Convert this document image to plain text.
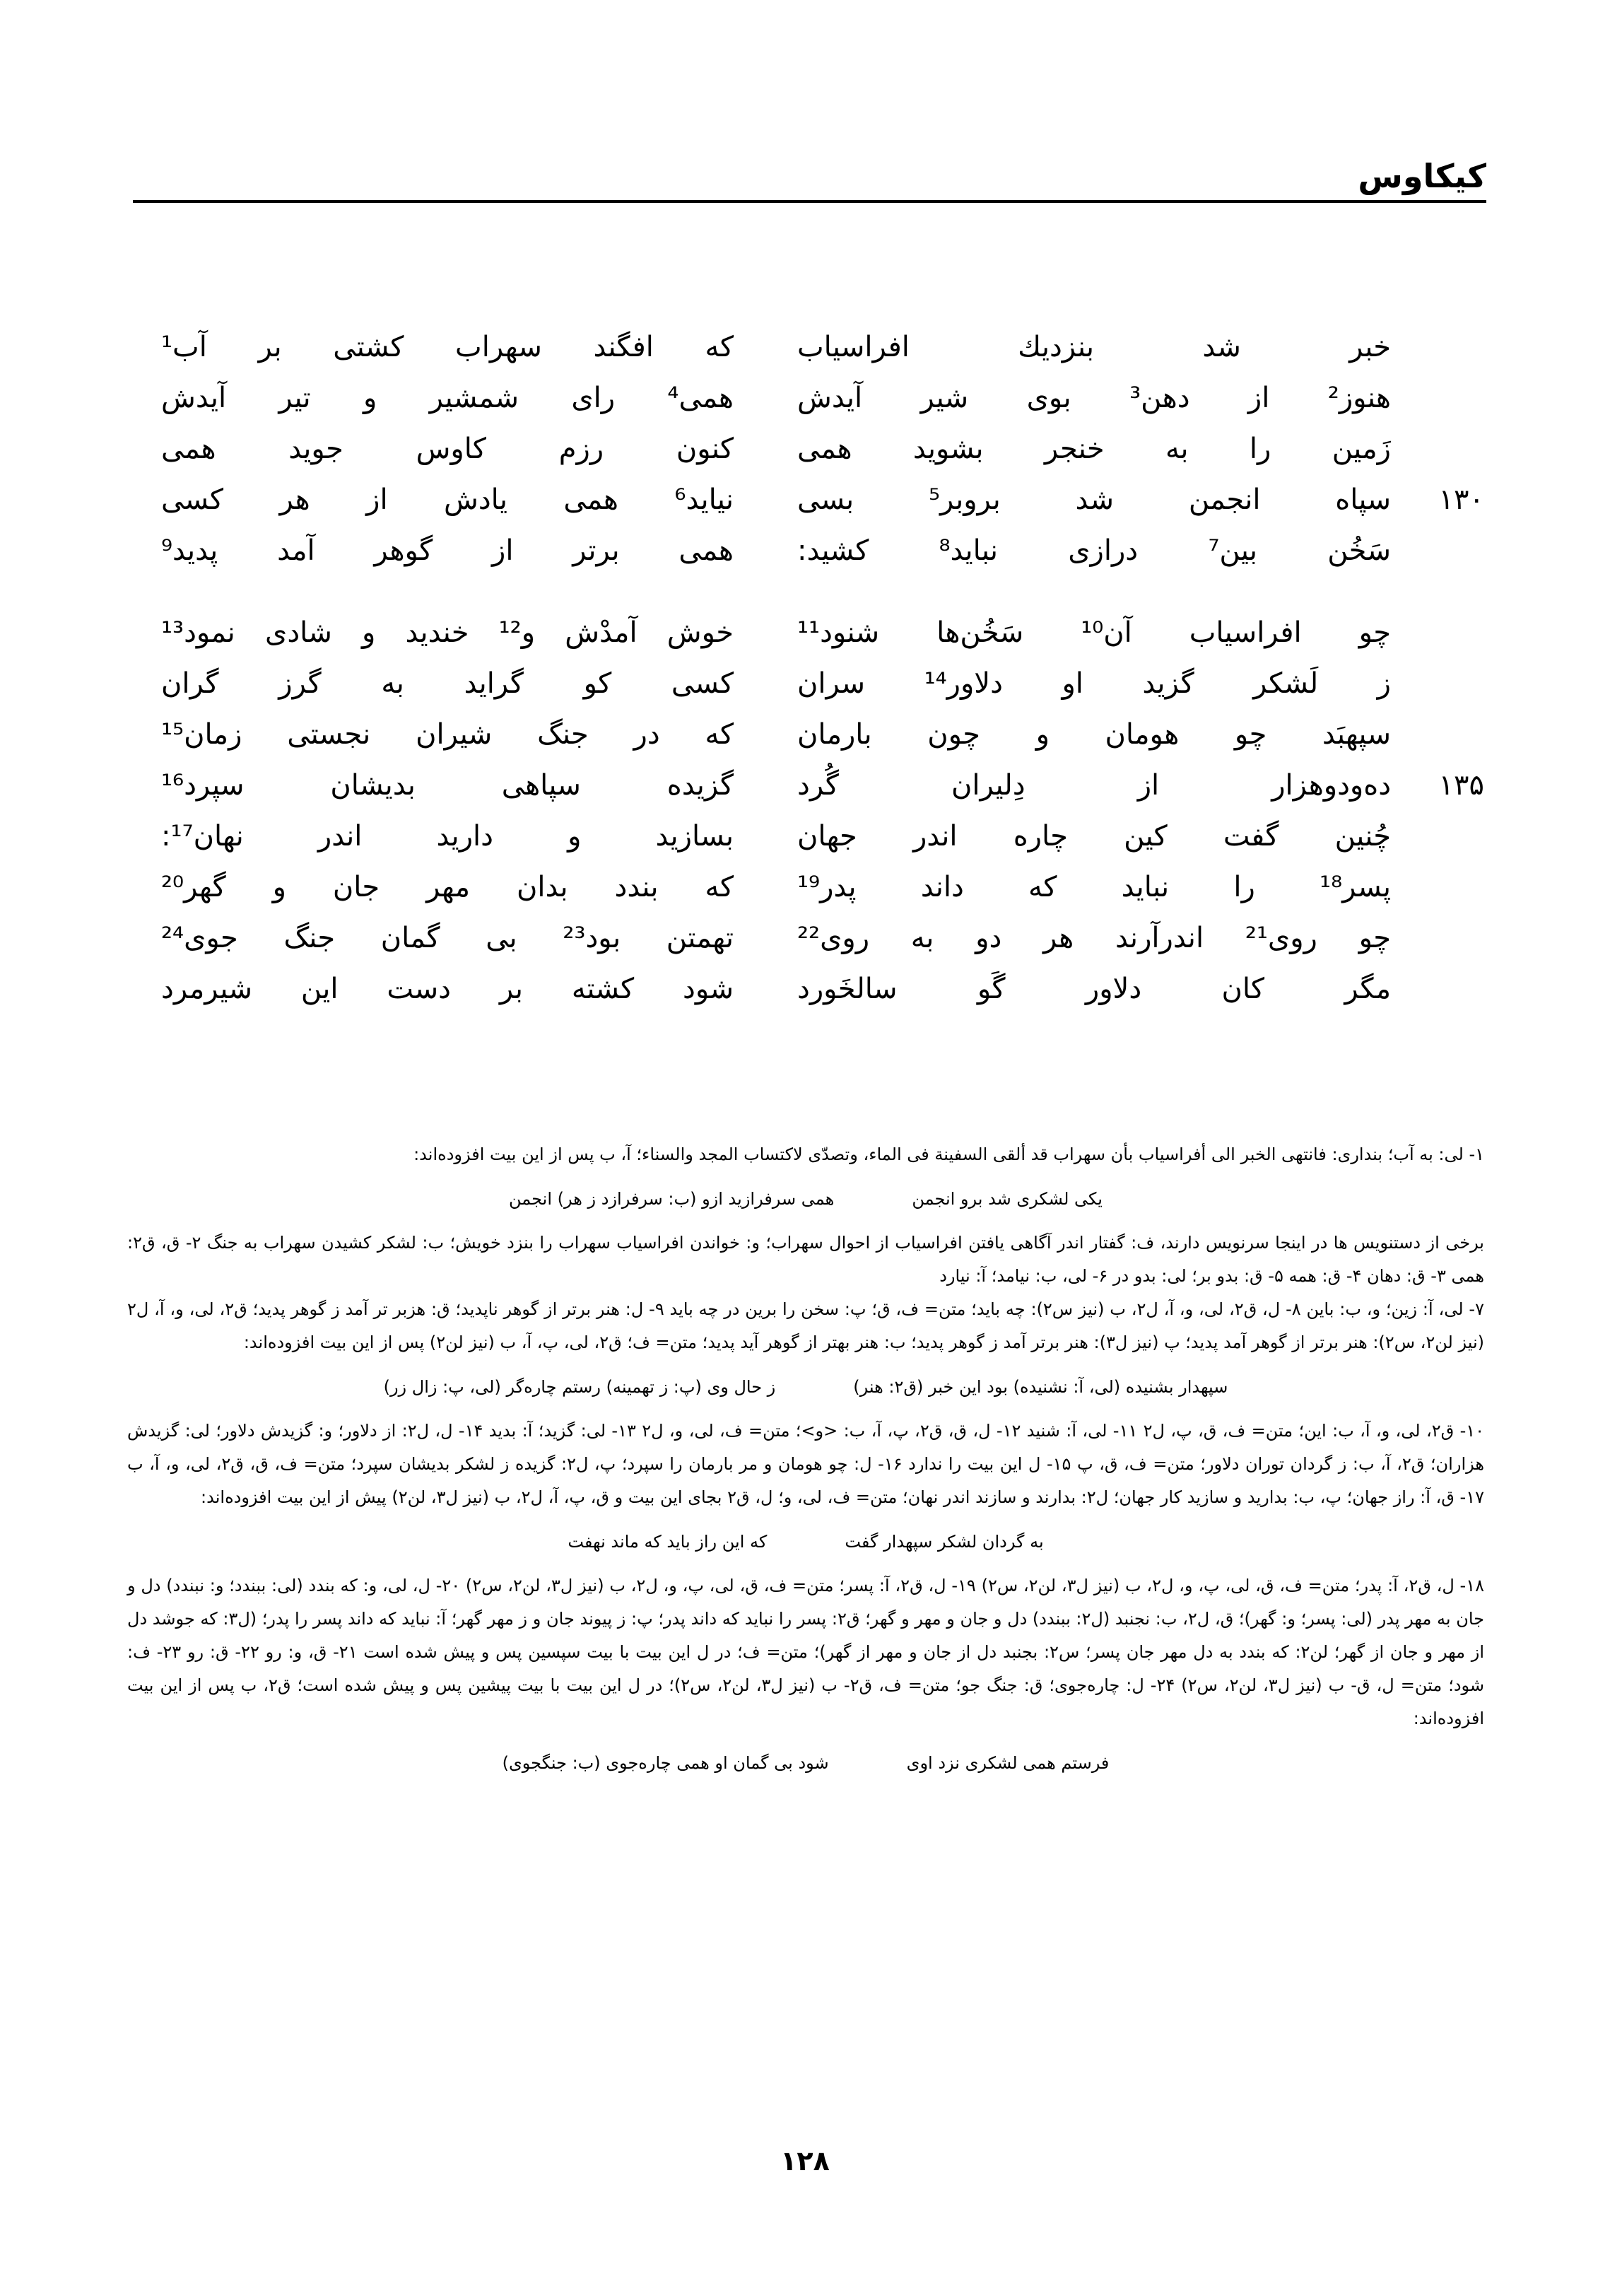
کیکاوس
خبر شد بنزدیك افراسیاب
که افگند سهراب کشتی بر آب¹
هنوز² از دهن³ بوی شیر آیدش
همی⁴ رای شمشیر و تیر آیدش
زَمین را به خنجر بشوید همی
کنون رزم کاوس جوید همی
۱۳۰
سپاه انجمن شد بروبر⁵ بسی
نیاید⁶ همی یادش از هر کسی
سَخُن بین⁷ درازی نباید⁸ کشید:
همی برتر از گوهر آمد پدید⁹
چو افراسیاب آن¹⁰ سَخُن‌ها شنود¹¹
خوش آمدْش و¹² خندید و شادی نمود¹³
ز لَشکر گزید او دلاور¹⁴ سران
کسی کو گراید به گرز گران
سپهبَد چو هومان و چون بارمان
که در جنگ شیران نجستی زمان¹⁵
۱۳۵
ده‌ودوهزار از دِلیران گُرد
گزیده سپاهی بدیشان سپرد¹⁶
چُنین گفت کین چاره اندر جهان
بسازید و دارید اندر نهان¹⁷:
پسر¹⁸ را نباید که داند پدر¹⁹
که بندد بدان مهر جان و گهر²⁰
چو روی²¹ اندرآرند هر دو به روی²²
تهمتن بود²³ بی گمان جنگ جوی²⁴
مگر کان دلاور گَو سالخَورد
شود کشته بر دست این شیرمرد

۱- لی: به آب؛ بنداری: فانتهی الخبر الی أفراسیاب بأن سهراب قد ألقی السفینة فی الماء، وتصدّی لاکتساب المجد والسناء؛ آ، ب پس از این بیت افزوده‌اند:

یکی لشکری شد برو انجمن
همی سرفرازید ازو (ب: سرفرازد ز هر) انجمن

برخی از دستنویس ها در اینجا سرنویس دارند، ف: گفتار اندر آگاهی یافتن افراسیاب از احوال سهراب؛ و: خواندن افراسیاب سهراب را بنزد خویش؛ ب: لشکر کشیدن سهراب به جنگ ۲- ق، ق۲: همی ۳- ق: دهان ۴- ق: همه ۵- ق: بدو بر؛ لی: بدو در ۶- لی، ب: نیامد؛ آ: نیارد

۷- لی، آ: زین؛ و، ب: باین ۸- ل، ق۲، لی، و، آ، ل۲، ب (نیز س۲): چه باید؛ متن= ف، ق؛ پ: سخن را برین در چه باید ۹- ل: هنر برتر از گوهر ناپدید؛ ق: هزبر تر آمد ز گوهر پدید؛ ق۲، لی، و، آ، ل۲ (نیز لن۲، س۲): هنر برتر از گوهر آمد پدید؛ پ (نیز ل۳): هنر برتر آمد ز گوهر پدید؛ ب: هنر بهتر از گوهر آید پدید؛ متن= ف؛ ق۲، لی، پ، آ، ب (نیز لن۲) پس از این بیت افزوده‌اند:

سپهدار بشنیده (لی، آ: نشنیده) بود این خبر (ق۲: هنر)
ز حال وی (پ: ز تهمینه) رستم چاره‌گر (لی، پ: زال زر)

۱۰- ق۲، لی، و، آ، ب: این؛ متن= ف، ق، پ، ل۲ ۱۱- لی، آ: شنید ۱۲- ل، ق، ق۲، پ، آ، ب: <و>؛ متن= ف، لی، و، ل۲ ۱۳- لی: گزید؛ آ: بدید ۱۴- ل، ل۲: از دلاور؛ و: گزیدش دلاور؛ لی: گزیدش هزاران؛ ق۲، آ، ب: ز گردان توران دلاور؛ متن= ف، ق، پ ۱۵- ل این بیت را ندارد ۱۶- ل: چو هومان و مر بارمان را سپرد؛ پ، ل۲: گزیده ز لشکر بدیشان سپرد؛ متن= ف، ق، ق۲، لی، و، آ، ب ۱۷- ق، آ: راز جهان؛ پ، ب: بدارید و سازید کار جهان؛ ل۲: بدارند و سازند اندر نهان؛ متن= ف، لی، و؛ ل، ق۲ بجای این بیت و ق، پ، آ، ل۲، ب (نیز ل۳، لن۲) پیش از این بیت افزوده‌اند:

به گردان لشکر سپهدار گفت
که این راز باید که ماند نهفت

۱۸- ل، ق۲، آ: پدر؛ متن= ف، ق، لی، پ، و، ل۲، ب (نیز ل۳، لن۲، س۲) ۱۹- ل، ق۲، آ: پسر؛ متن= ف، ق، لی، پ، و، ل۲، ب (نیز ل۳، لن۲، س۲) ۲۰- ل، لی، و: که بندد (لی: ببندد؛ و: نبندد) دل و جان به مهر پدر (لی: پسر؛ و: گهر)؛ ق، ل۲، ب: نجنبد (ل۲: ببندد) دل و جان و مهر و گهر؛ ق۲: پسر را نباید که داند پدر؛ پ: ز پیوند جان و ز مهر گهر؛ آ: نباید که داند پسر را پدر؛ (ل۳: که جوشد دل از مهر و جان از گهر؛ لن۲: که بندد به دل مهر جان پسر؛ س۲: بجنبد دل از جان و مهر از گهر)؛ متن= ف؛ در ل این بیت با بیت سپسین پس و پیش شده است ۲۱- ق، و: رو ۲۲- ق: رو ۲۳- ف: شود؛ متن= ل، ق- ب (نیز ل۳، لن۲، س۲) ۲۴- ل: چاره‌جوی؛ ق: جنگ جو؛ متن= ف، ق۲- ب (نیز ل۳، لن۲، س۲)؛ در ل این بیت با بیت پیشین پس و پیش شده است؛ ق۲، ب پس از این بیت افزوده‌اند:

فرستم همی لشکری نزد اوی
شود بی گمان او همی چاره‌جوی (ب: جنگجوی)
۱۲۸
